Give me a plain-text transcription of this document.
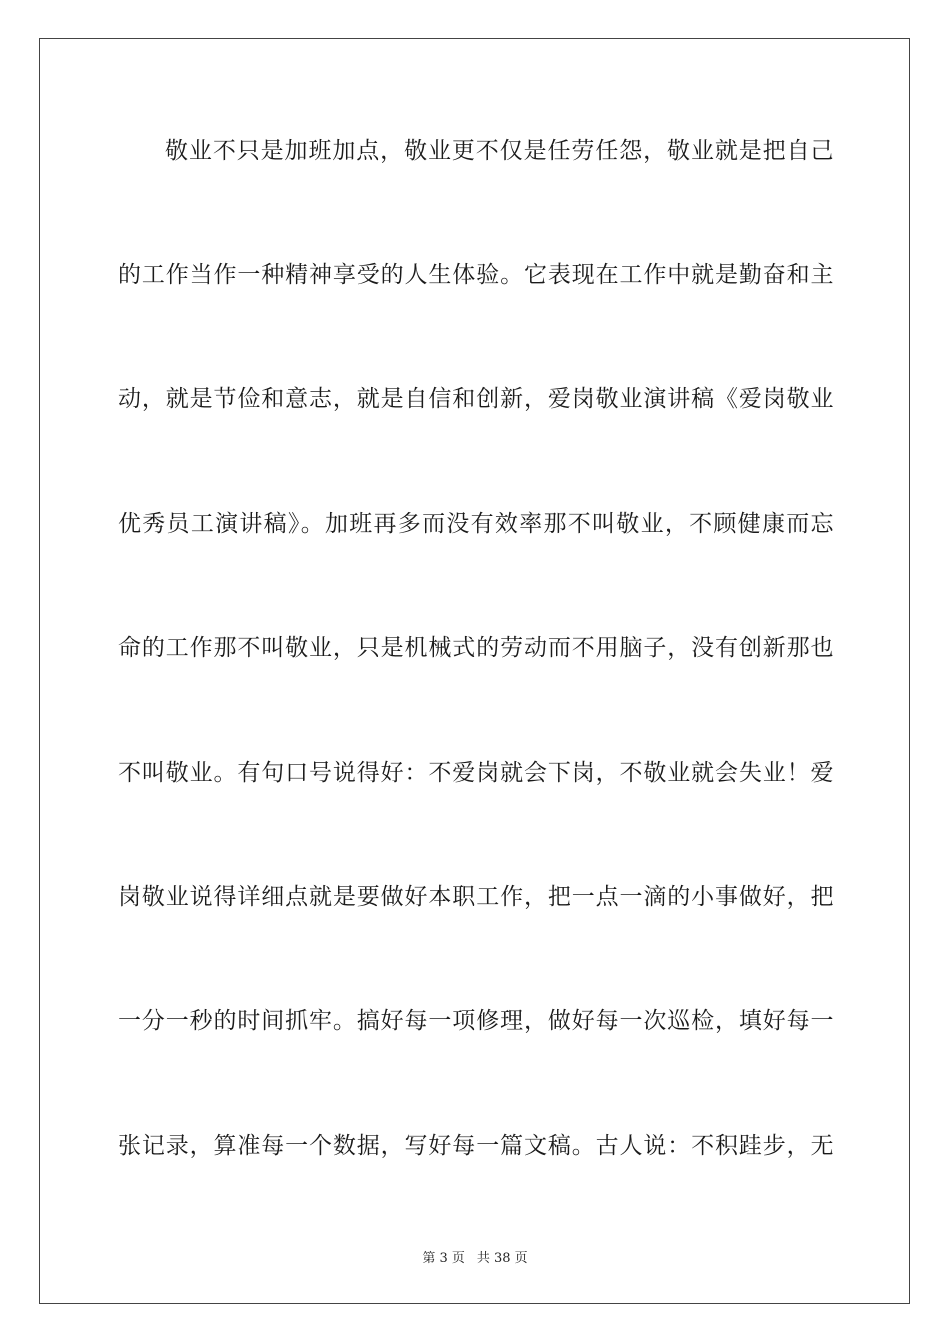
敬业不只是加班加点，敬业更不仅是任劳任怨，敬业就是把自己
的工作当作一种精神享受的人生体验。它表现在工作中就是勤奋和主
动，就是节俭和意志，就是自信和创新，爱岗敬业演讲稿《爱岗敬业
优秀员工演讲稿》。加班再多而没有效率那不叫敬业，不顾健康而忘
命的工作那不叫敬业，只是机械式的劳动而不用脑子，没有创新那也
不叫敬业。有句口号说得好：不爱岗就会下岗，不敬业就会失业！爱
岗敬业说得详细点就是要做好本职工作，把一点一滴的小事做好，把
一分一秒的时间抓牢。搞好每一项修理，做好每一次巡检，填好每一
张记录，算准每一个数据，写好每一篇文稿。古人说：不积跬步，无
第 3 页 共 38 页
